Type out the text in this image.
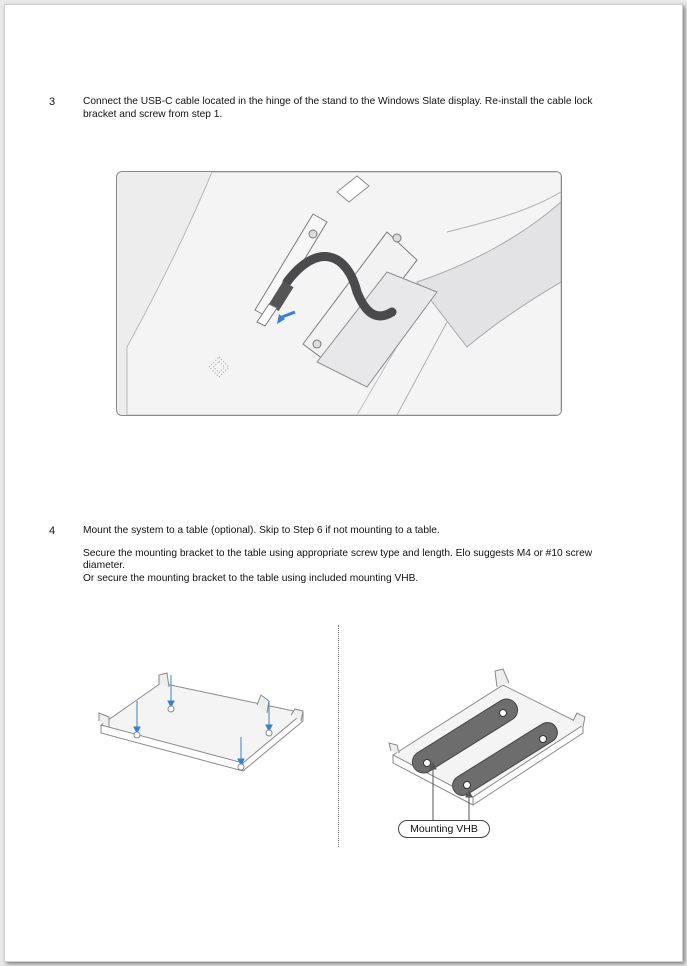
3	Connect the USB-C cable located in the hinge of the stand to the Windows Slate display. Re-install the cable lock bracket and screw from step 1.

4	Mount the system to a table (optional). Skip to Step 6 if not mounting to a table.

Secure the mounting bracket to the table using appropriate screw type and length. Elo suggests M4 or #10 screw diameter.

Or secure the mounting bracket to the table using included mounting VHB.

Mounting VHB
